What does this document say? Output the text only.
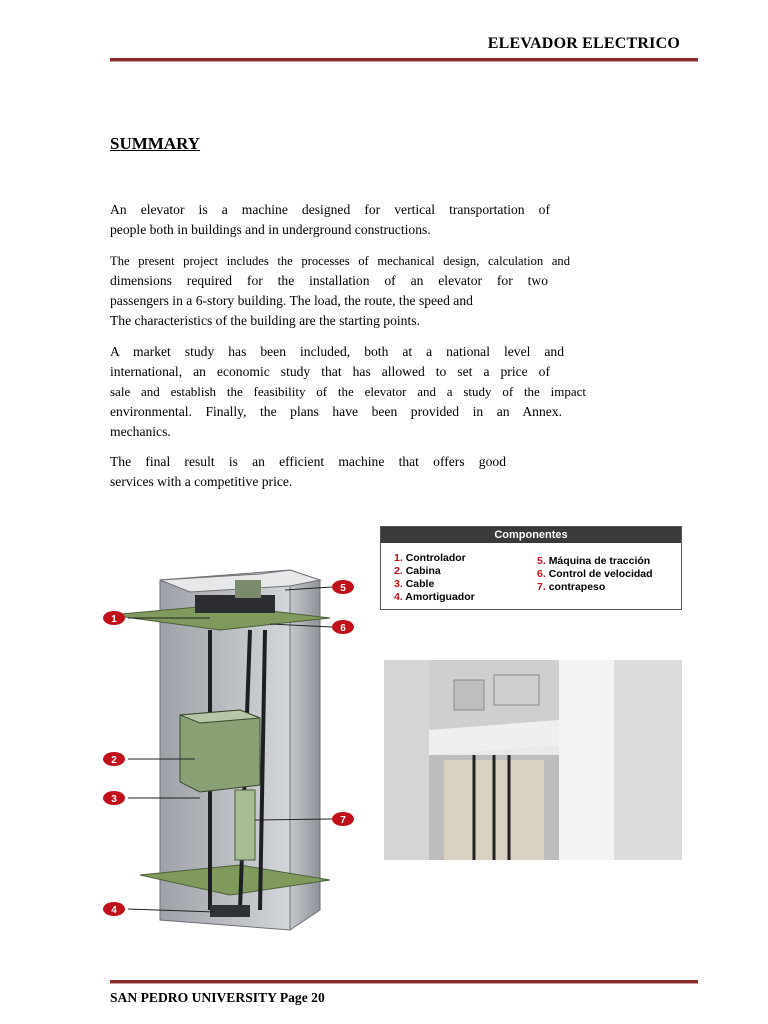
ELEVADOR ELECTRICO
SUMMARY
An elevator is a machine designed for vertical transportation of
people both in buildings and in underground constructions.
The present project includes the processes of mechanical design, calculation and
dimensions required for the installation of an elevator for two
passengers in a 6-story building. The load, the route, the speed and
The characteristics of the building are the starting points.
A market study has been included, both at a national level and
international, an economic study that has allowed to set a price of
sale and establish the feasibility of the elevator and a study of the impact
environmental. Finally, the plans have been provided in an Annex.
mechanics.
The final result is an efficient machine that offers good
services with a competitive price.
Componentes
1. Controlador
2. Cabina
3. Cable
4. Amortiguador
5. Máquina de tracción
6. Control de velocidad
7. contrapeso
1
2
3
4
5
6
7
SAN PEDRO UNIVERSITY Page 20
